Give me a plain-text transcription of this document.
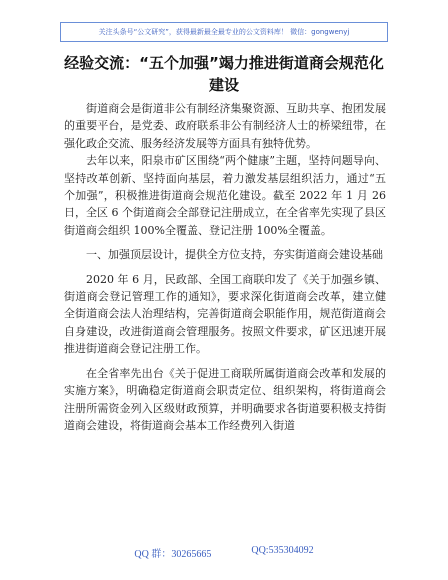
关注头条号“公文研究”，获得最新最全最专业的公文资料库！ 微信：gongwenyj
经验交流：“五个加强”竭力推进街道商会规范化建设

街道商会是街道非公有制经济集聚资源、互助共享、抱团发展的重要平台，是党委、政府联系非公有制经济人士的桥梁纽带，在强化政企交流、服务经济发展等方面具有独特优势。

去年以来，阳泉市矿区围绕“两个健康”主题，坚持问题导向、坚持改革创新、坚持面向基层，着力激发基层组织活力，通过“五个加强”，积极推进街道商会规范化建设。截至 2022 年 1 月 26 日，全区 6 个街道商会全部登记注册成立，在全省率先实现了县区街道商会组织 100%全覆盖、登记注册 100%全覆盖。

一、加强顶层设计，提供全方位支持，夯实街道商会建设基础

2020 年 6 月，民政部、全国工商联印发了《关于加强乡镇、街道商会登记管理工作的通知》，要求深化街道商会改革，建立健全街道商会法人治理结构，完善街道商会职能作用，规范街道商会自身建设，改进街道商会管理服务。按照文件要求，矿区迅速开展推进街道商会登记注册工作。

在全省率先出台《关于促进工商联所属街道商会改革和发展的实施方案》，明确稳定街道商会职责定位、组织架构，将街道商会注册所需资金列入区级财政预算，并明确要求各街道要积极支持街道商会建设，将街道商会基本工作经费列入街道

QQ 群：30265665	QQ:535304092
